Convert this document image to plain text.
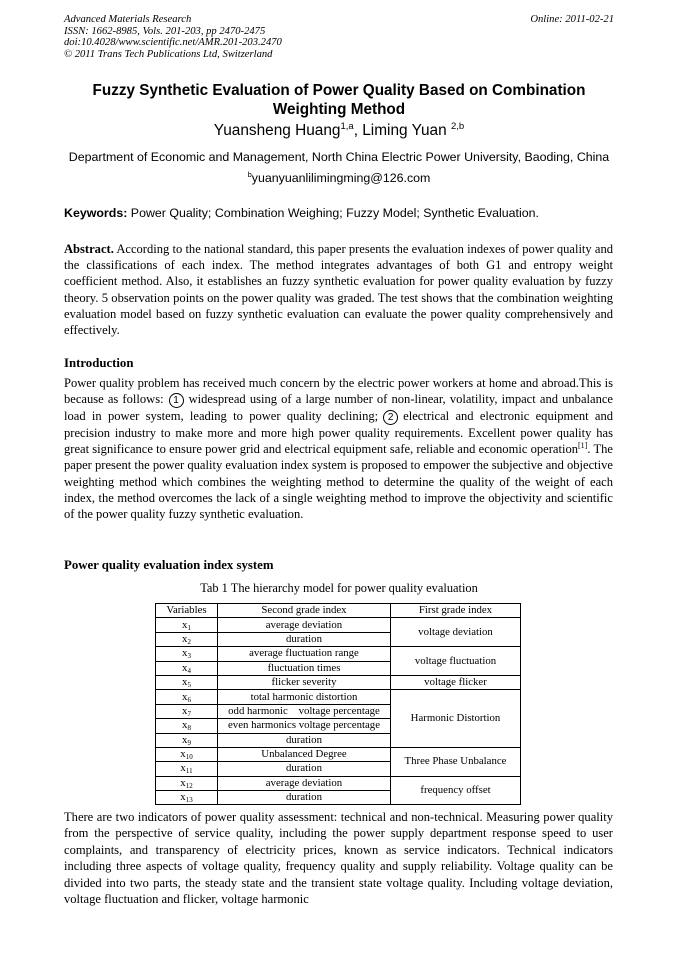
Advanced Materials Research
ISSN: 1662-8985, Vols. 201-203, pp 2470-2475
doi:10.4028/www.scientific.net/AMR.201-203.2470
© 2011 Trans Tech Publications Ltd, Switzerland
Online: 2011-02-21
Fuzzy Synthetic Evaluation of Power Quality Based on Combination
Weighting Method
Yuansheng Huang$^{1,a}$, Liming Yuan $^{2,b}$
Department of Economic and Management, North China Electric Power University, Baoding, China
$^b$yuanyuanlilimingming@126.com
Keywords: Power Quality; Combination Weighing; Fuzzy Model; Synthetic Evaluation.
Abstract. According to the national standard, this paper presents the evaluation indexes of power quality and the classifications of each index. The method integrates advantages of both G1 and entropy weight coefficient method. Also, it establishes an fuzzy synthetic evaluation for power quality evaluation by fuzzy theory. 5 observation points on the power quality was graded. The test shows that the combination weighting evaluation model based on fuzzy synthetic evaluation can evaluate the power quality comprehensively and effectively.
Introduction
Power quality problem has received much concern by the electric power workers at home and abroad.This is because as follows: 1 widespread using of a large number of non-linear, volatility, impact and unbalance load in power system, leading to power quality declining; 2 electrical and electronic equipment and precision industry to make more and more high power quality requirements. Excellent power quality has great significance to ensure power grid and electrical equipment safe, reliable and economic operation[1]. The paper present the power quality evaluation index system is proposed to empower the subjective and objective weighting method which combines the weighting method to determine the quality of the weight of each index, the method overcomes the lack of a single weighting method to improve the objectivity and scientific of the power quality fuzzy synthetic evaluation.
Power quality evaluation index system
Tab 1 The hierarchy model for power quality evaluation
Variables	Second grade index	First grade index
$x_1$	average deviation	voltage deviation
$x_2$	duration	
$x_3$	average fluctuation range	voltage fluctuation
$x_4$	fluctuation times	
$x_5$	flicker severity	voltage flicker
$x_6$	total harmonic distortion	Harmonic Distortion
$x_7$	odd harmonic    voltage percentage	
$x_8$	even harmonics voltage percentage	
$x_9$	duration	
$x_{10}$	Unbalanced Degree	Three Phase Unbalance
$x_{11}$	duration	
$x_{12}$	average deviation	frequency offset
$x_{13}$	duration	
There are two indicators of power quality assessment: technical and non-technical. Measuring power quality from the perspective of service quality, including the power supply department response speed to user complaints, and transparency of electricity prices, known as service indicators. Technical indicators including three aspects of voltage quality, frequency quality and supply reliability. Voltage quality can be divided into two parts, the steady state and the transient state voltage quality. Including voltage deviation, voltage fluctuation and flicker, voltage harmonic
